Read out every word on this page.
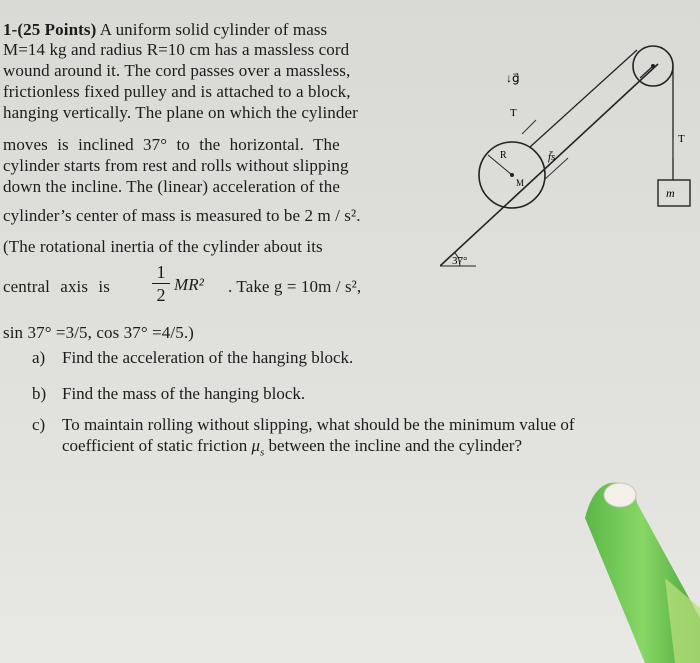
1-(25 Points) A uniform solid cylinder of mass
M=14 kg and radius R=10 cm has a massless cord
wound around it. The cord passes over a massless,
frictionless fixed pulley and is attached to a block,
hanging vertically. The plane on which the cylinder
moves is inclined 37° to the horizontal. The
cylinder starts from rest and rolls without slipping
down the incline. The (linear) acceleration of the
cylinder’s center of mass is measured to be 2 m / s².
(The rotational inertia of the cylinder about its
central axis is
1
2
MR² . Take g = 10m / s²,
sin 37° =3/5, cos 37° =4/5.)
a) Find the acceleration of the hanging block.
b) Find the mass of the hanging block.
c) To maintain rolling without slipping, what should be the minimum value of
coefficient of static friction $\mu_s$ between the incline and the cylinder?
37°
R
M
m
T
T
f̄s
↓g⃗
